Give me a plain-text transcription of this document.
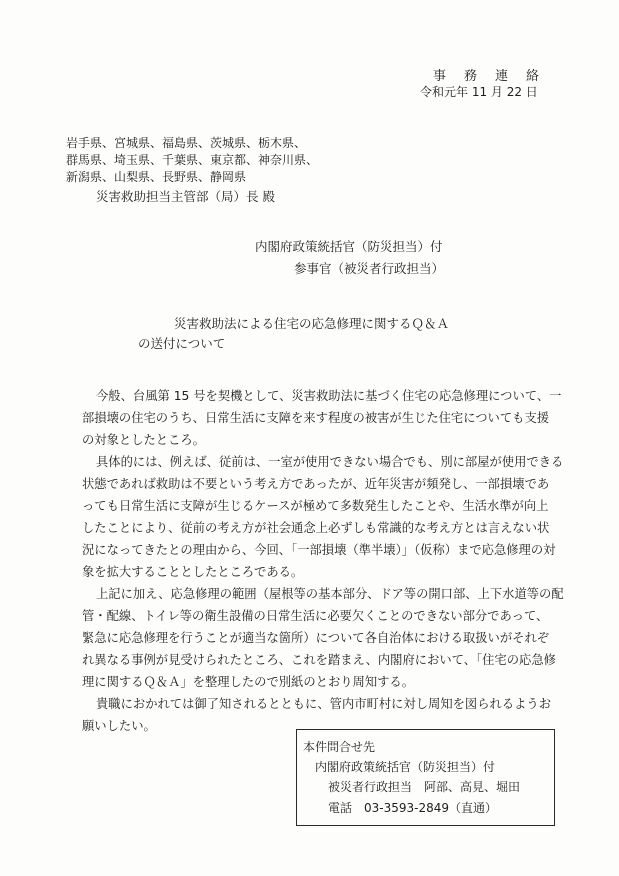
事務連絡
令和元年 11 月 22 日
岩手県、宮城県、福島県、茨城県、栃木県、
群馬県、埼玉県、千葉県、東京都、神奈川県、
新潟県、山梨県、長野県、静岡県
災害救助担当主管部（局）長 殿
内閣府政策統括官（防災担当）付
参事官（被災者行政担当）
災害救助法による住宅の応急修理に関するＱ＆Ａ
の送付について
今般、台風第 15 号を契機として、災害救助法に基づく住宅の応急修理について、一
部損壊の住宅のうち、日常生活に支障を来す程度の被害が生じた住宅についても支援
の対象としたところ。
具体的には、例えば、従前は、一室が使用できない場合でも、別に部屋が使用できる
状態であれば救助は不要という考え方であったが、近年災害が頻発し、一部損壊であ
っても日常生活に支障が生じるケースが極めて多数発生したことや、生活水準が向上
したことにより、従前の考え方が社会通念上必ずしも常識的な考え方とは言えない状
況になってきたとの理由から、今回、「一部損壊（準半壊）」（仮称）まで応急修理の対
象を拡大することとしたところである。
上記に加え、応急修理の範囲（屋根等の基本部分、ドア等の開口部、上下水道等の配
管・配線、トイレ等の衛生設備の日常生活に必要欠くことのできない部分であって、
緊急に応急修理を行うことが適当な箇所）について各自治体における取扱いがそれぞ
れ異なる事例が見受けられたところ、これを踏まえ、内閣府において、「住宅の応急修
理に関するＱ＆Ａ」を整理したので別紙のとおり周知する。
貴職におかれては御了知されるとともに、管内市町村に対し周知を図られるようお
願いしたい。
本件問合せ先
内閣府政策統括官（防災担当）付
被災者行政担当　阿部、高見、堀田
電話　03-3593-2849（直通）
